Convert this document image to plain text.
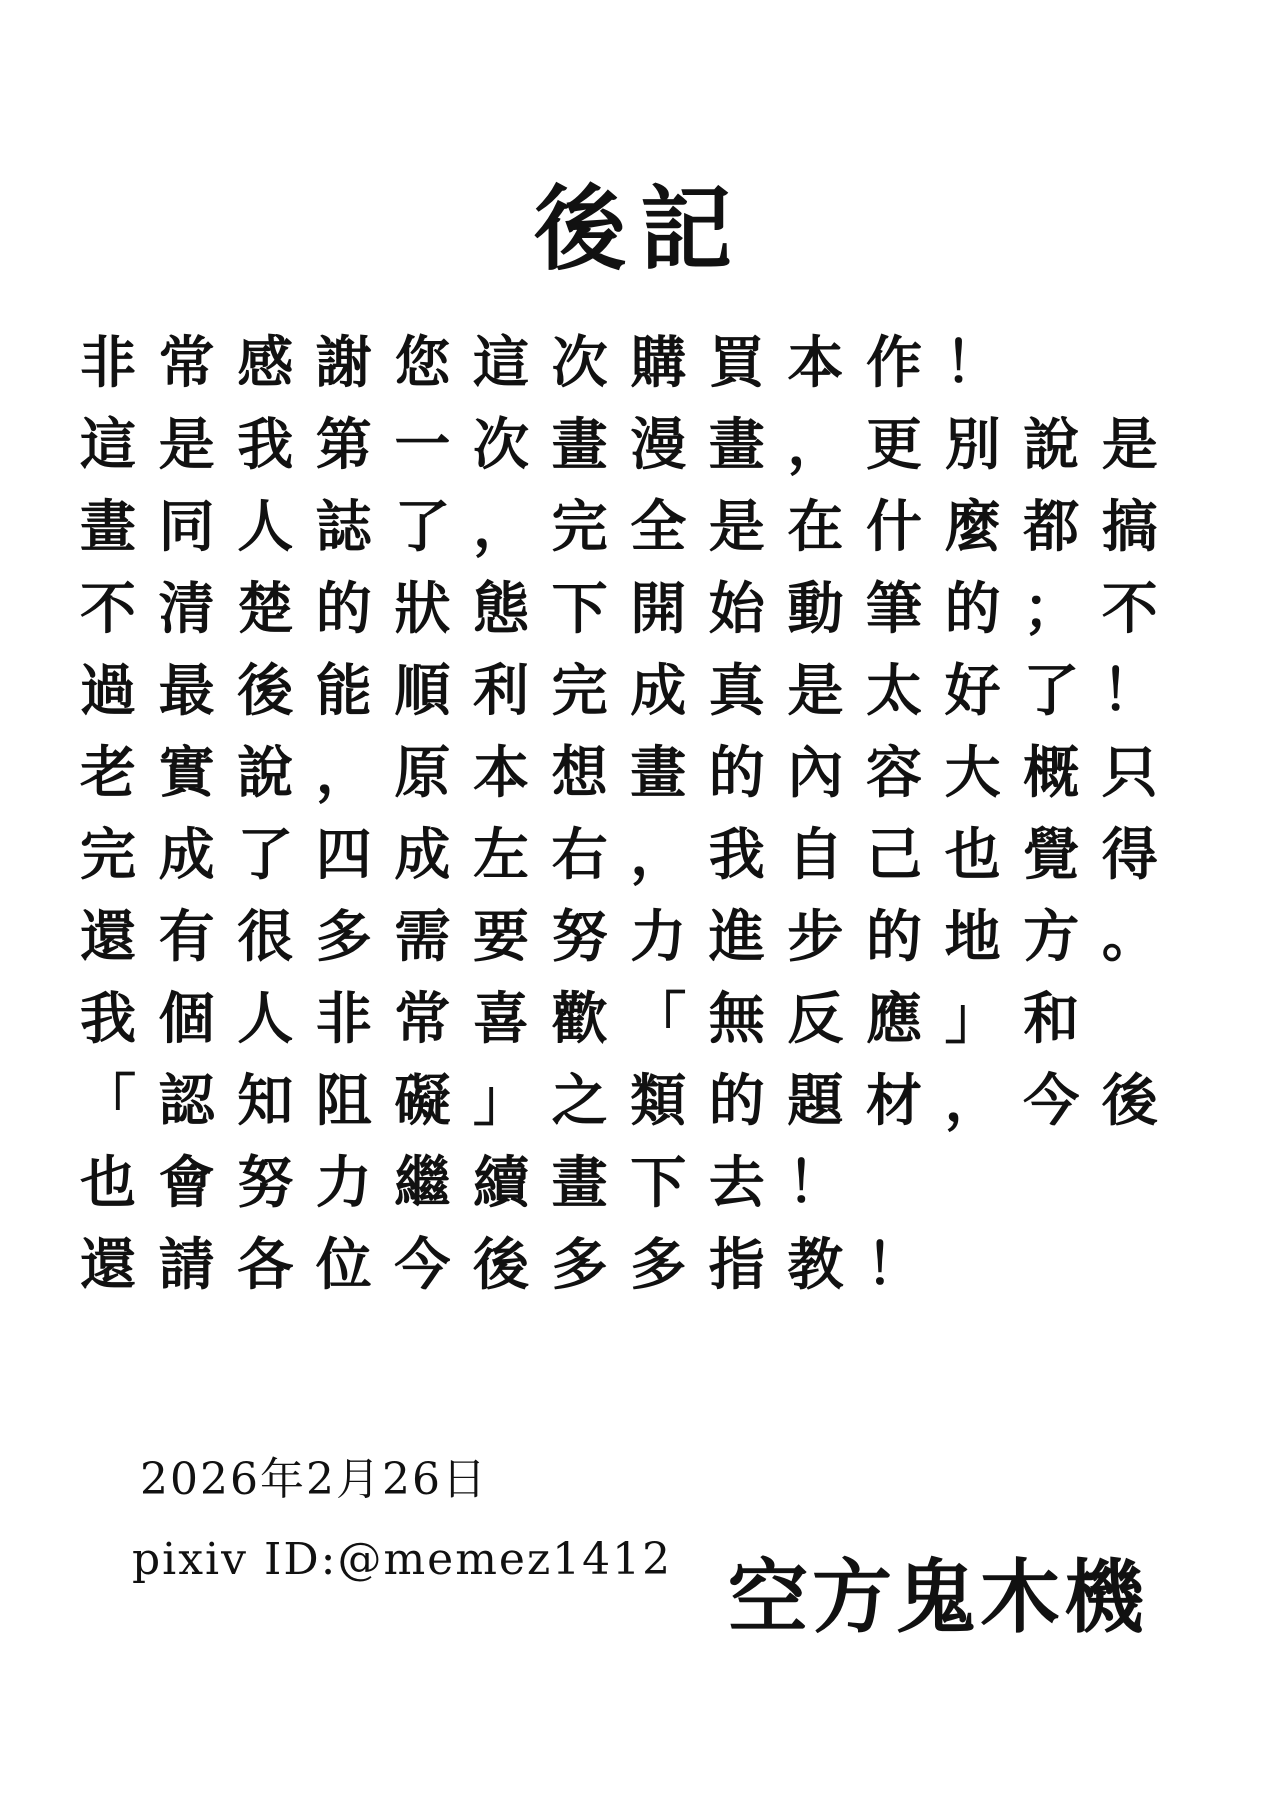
後記
非常感謝您這次購買本作！
這是我第一次畫漫畫，更別說是
畫同人誌了，完全是在什麼都搞
不清楚的狀態下開始動筆的；不
過最後能順利完成真是太好了！
老實說，原本想畫的內容大概只
完成了四成左右，我自己也覺得
還有很多需要努力進步的地方。
我個人非常喜歡「無反應」和
「認知阻礙」之類的題材，今後
也會努力繼續畫下去！
還請各位今後多多指教！
2026年2月26日
pixiv ID:@memez1412 空方鬼木機
